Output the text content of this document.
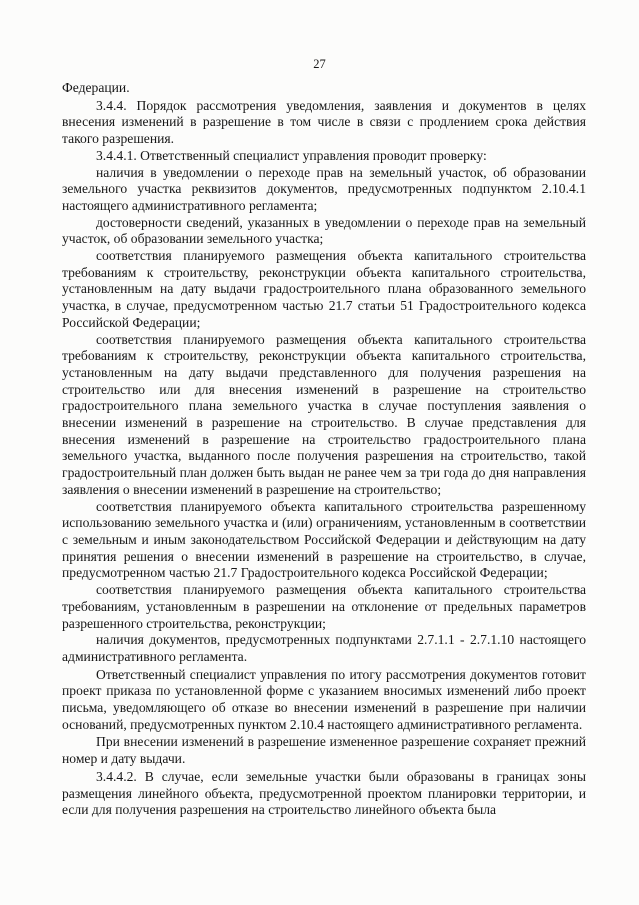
27

Федерации.

3.4.4. Порядок рассмотрения уведомления, заявления и документов в целях внесения изменений в разрешение в том числе в связи с продлением срока действия такого разрешения.

3.4.4.1. Ответственный специалист управления проводит проверку:

наличия в уведомлении о переходе прав на земельный участок, об образовании земельного участка реквизитов документов, предусмотренных подпунктом 2.10.4.1 настоящего административного регламента;

достоверности сведений, указанных в уведомлении о переходе прав на земельный участок, об образовании земельного участка;

соответствия планируемого размещения объекта капитального строительства требованиям к строительству, реконструкции объекта капитального строительства, установленным на дату выдачи градостроительного плана образованного земельного участка, в случае, предусмотренном частью 21.7 статьи 51 Градостроительного кодекса Российской Федерации;

соответствия планируемого размещения объекта капитального строительства требованиям к строительству, реконструкции объекта капитального строительства, установленным на дату выдачи представленного для получения разрешения на строительство или для внесения изменений в разрешение на строительство градостроительного плана земельного участка в случае поступления заявления о внесении изменений в разрешение на строительство. В случае представления для внесения изменений в разрешение на строительство градостроительного плана земельного участка, выданного после получения разрешения на строительство, такой градостроительный план должен быть выдан не ранее чем за три года до дня направления заявления о внесении изменений в разрешение на строительство;

соответствия планируемого объекта капитального строительства разрешенному использованию земельного участка и (или) ограничениям, установленным в соответствии с земельным и иным законодательством Российской Федерации и действующим на дату принятия решения о внесении изменений в разрешение на строительство, в случае, предусмотренном частью 21.7 Градостроительного кодекса Российской Федерации;

соответствия планируемого размещения объекта капитального строительства требованиям, установленным в разрешении на отклонение от предельных параметров разрешенного строительства, реконструкции;

наличия документов, предусмотренных подпунктами 2.7.1.1 - 2.7.1.10 настоящего административного регламента.

Ответственный специалист управления по итогу рассмотрения документов готовит проект приказа по установленной форме с указанием вносимых изменений либо проект письма, уведомляющего об отказе во внесении изменений в разрешение при наличии оснований, предусмотренных пунктом 2.10.4 настоящего административного регламента.

При внесении изменений в разрешение измененное разрешение сохраняет прежний номер и дату выдачи.

3.4.4.2. В случае, если земельные участки были образованы в границах зоны размещения линейного объекта, предусмотренной проектом планировки территории, и если для получения разрешения на строительство линейного объекта была
